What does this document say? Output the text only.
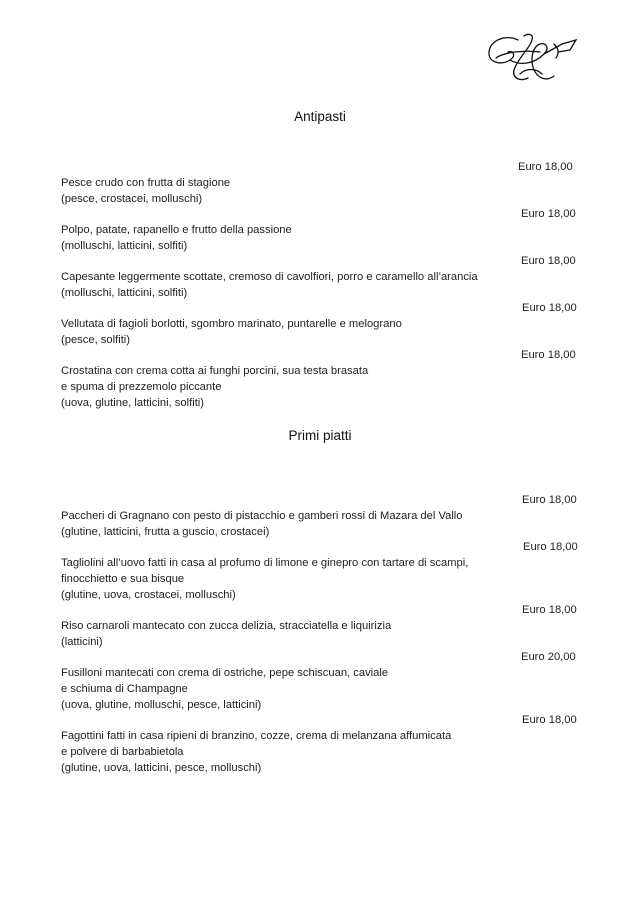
Antipasti

Pesce crudo con frutta di stagione

(pesce, crostacei, molluschi)

Euro 18,00

Polpo, patate, rapanello e frutto della passione

(molluschi, latticini, solfiti)

Euro 18,00

Capesante leggermente scottate, cremoso di cavolfiori, porro e caramello all’arancia

(molluschi, latticini, solfiti)

Euro 18,00

Vellutata di fagioli borlotti, sgombro marinato, puntarelle e melograno

(pesce, solfiti)

Euro 18,00

Crostatina con crema cotta ai funghi porcini, sua testa brasata
e spuma di prezzemolo piccante

(uova, glutine, latticini, solfiti)

Euro 18,00
Primi piatti

Paccheri di Gragnano con pesto di pistacchio e gamberi rossi di Mazara del Vallo

(glutine, latticini, frutta a guscio, crostacei)

Euro 18,00

Tagliolini all’uovo fatti in casa al profumo di limone e ginepro con tartare di scampi,
finocchietto e sua bisque

(glutine, uova, crostacei, molluschi)

Euro 18,00

Riso carnaroli mantecato con zucca delizia, stracciatella e liquirizia

(latticini)

Euro 18,00

Fusilloni mantecati con crema di ostriche, pepe schiscuan, caviale
e schiuma di Champagne

(uova, glutine, molluschi, pesce, latticini)

Euro 20,00

Fagottini fatti in casa ripieni di branzino, cozze, crema di melanzana affumicata
e polvere di barbabietola

(glutine, uova, latticini, pesce, molluschi)

Euro 18,00
